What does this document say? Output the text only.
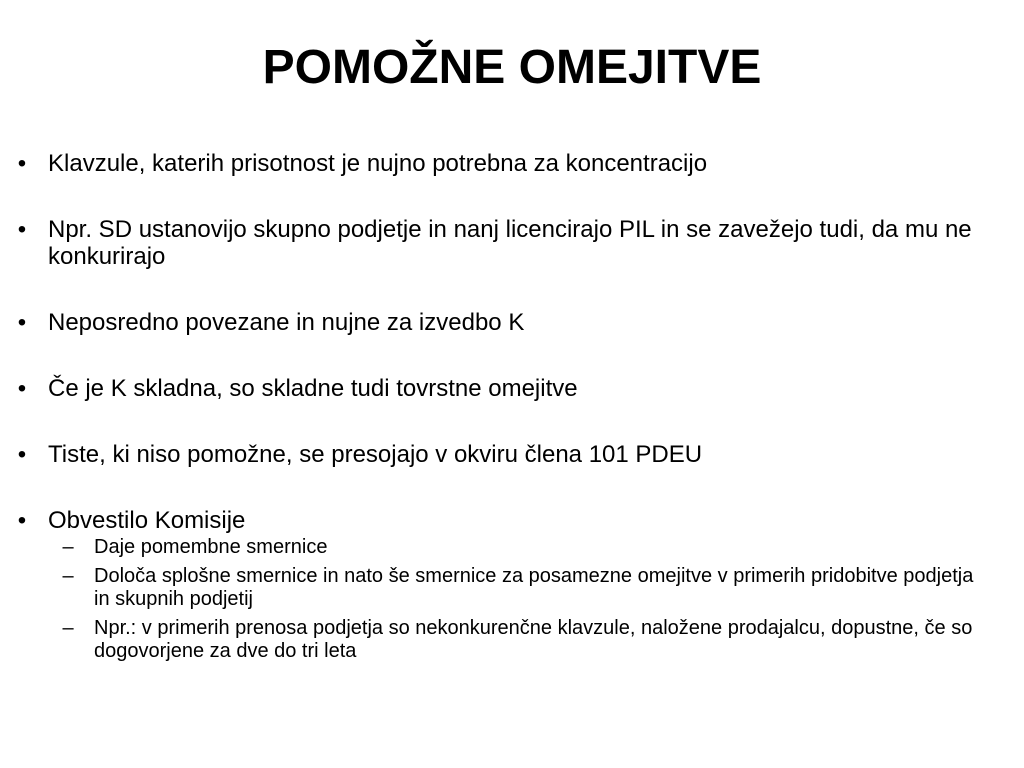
POMOŽNE OMEJITVE
• Klavzule, katerih prisotnost je nujno potrebna za koncentracijo
• Npr. SD ustanovijo skupno podjetje in nanj licencirajo PIL in se zavežejo tudi, da mu ne konkurirajo
• Neposredno povezane in nujne za izvedbo K
• Če je K skladna, so skladne tudi tovrstne omejitve
• Tiste, ki niso pomožne, se presojajo v okviru člena 101 PDEU
• Obvestilo Komisije
– Daje pomembne smernice
– Določa splošne smernice in nato še smernice za posamezne omejitve v primerih pridobitve podjetja in skupnih podjetij
– Npr.: v primerih prenosa podjetja so nekonkurenčne klavzule, naložene prodajalcu, dopustne, če so dogovorjene za dve do tri leta
